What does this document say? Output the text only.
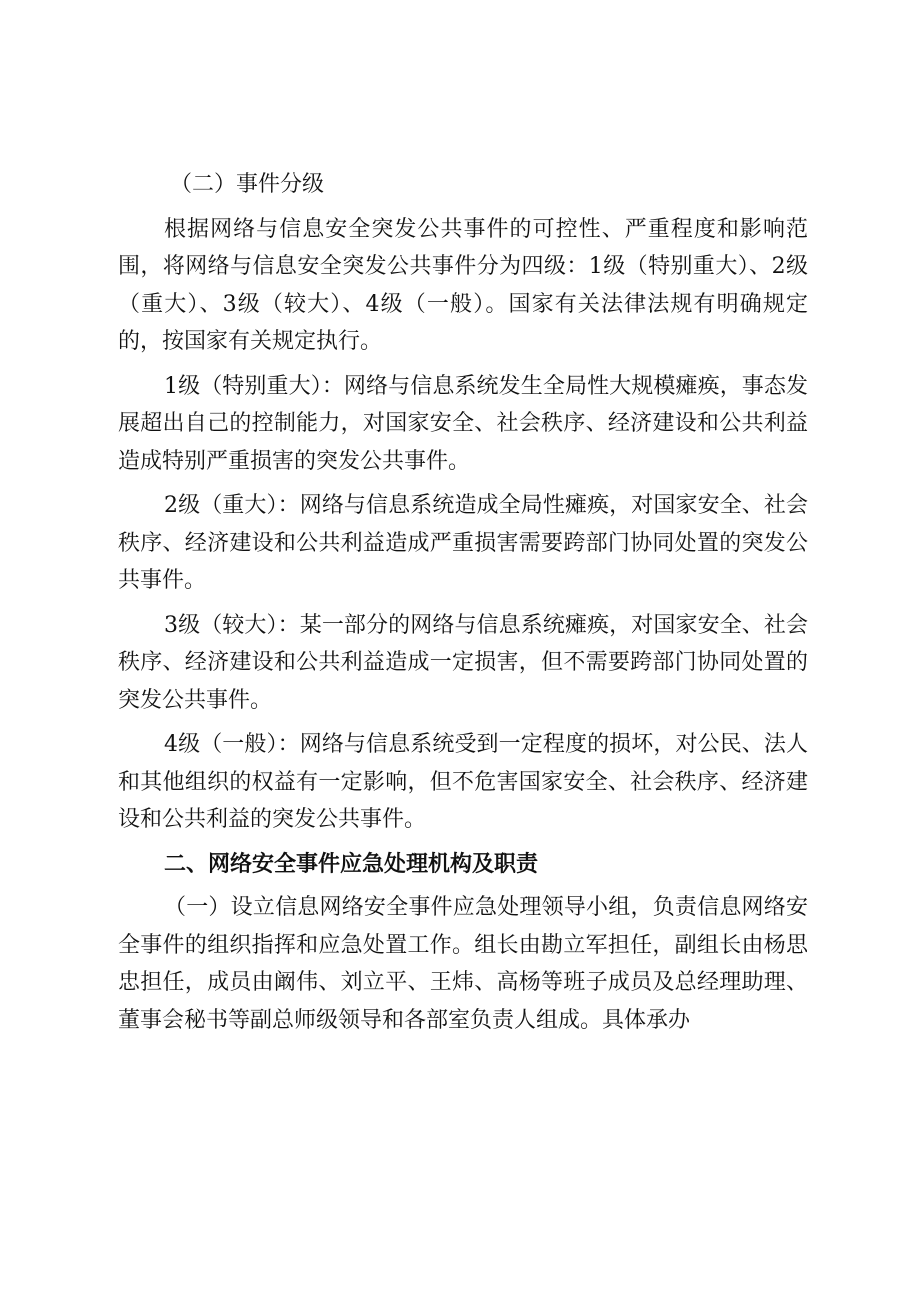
（二）事件分级

根据网络与信息安全突发公共事件的可控性、严重程度和影响范围，将网络与信息安全突发公共事件分为四级：1级（特别重大）、2级（重大）、3级（较大）、4级（一般）。国家有关法律法规有明确规定的，按国家有关规定执行。

1级（特别重大）：网络与信息系统发生全局性大规模瘫痪，事态发展超出自己的控制能力，对国家安全、社会秩序、经济建设和公共利益造成特别严重损害的突发公共事件。

2级（重大）：网络与信息系统造成全局性瘫痪，对国家安全、社会秩序、经济建设和公共利益造成严重损害需要跨部门协同处置的突发公共事件。

3级（较大）：某一部分的网络与信息系统瘫痪，对国家安全、社会秩序、经济建设和公共利益造成一定损害，但不需要跨部门协同处置的突发公共事件。

4级（一般）：网络与信息系统受到一定程度的损坏，对公民、法人和其他组织的权益有一定影响，但不危害国家安全、社会秩序、经济建设和公共利益的突发公共事件。

二、网络安全事件应急处理机构及职责

（一）设立信息网络安全事件应急处理领导小组，负责信息网络安全事件的组织指挥和应急处置工作。组长由勘立军担任，副组长由杨思忠担任，成员由阚伟、刘立平、王炜、高杨等班子成员及总经理助理、董事会秘书等副总师级领导和各部室负责人组成。具体承办
